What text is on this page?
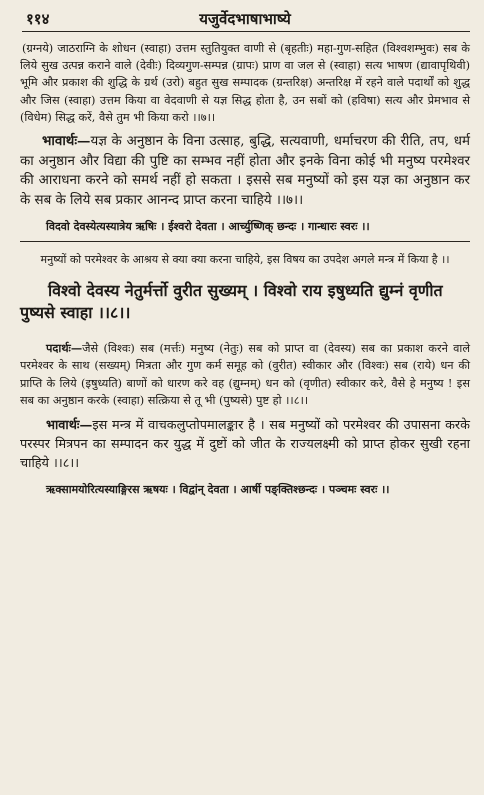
११४	यजुर्वेदभाषाभाष्ये

(ग्रग्नये) जाठराग्नि के शोधन (स्वाहा) उत्तम स्तुतियुक्त वाणी से (बृहतीः) महा-गुण-सहित (विश्‍वशम्भुवः) सब के लिये सुख उत्पन्न कराने वाले (देवीः) दिव्यगुण-सम्पन्न (ग्रापः) प्राण वा जल से (स्वाहा) सत्य भाषण (द्यावापृथिवी) भूमि और प्रकाश की शुद्धि के ग्रर्थ (उरो) बहुत सुख सम्पादक (ग्रन्तरिक्ष) अन्तरिक्ष में रहने वाले पदार्थों को शुद्ध और जिस (स्वाहा) उत्तम किया वा वेदवाणी से यज्ञ सिद्ध होता है, उन सबों को (हविषा) सत्य और प्रेमभाव से (विधेम) सिद्ध करें, वैसे तुम भी किया करो ।।७।।

भावार्थः—यज्ञ के अनुष्ठान के विना उत्साह, बुद्धि, सत्यवाणी, धर्माचरण की रीति, तप, धर्म का अनुष्ठान और विद्या की पुष्टि का सम्भव नहीं होता और इनके विना कोई भी मनुष्य परमेश्‍वर की आराधना करने को समर्थ नहीं हो सकता । इससे सब मनुष्यों को इस यज्ञ का अनुष्ठान कर के सब के लिये सब प्रकार आनन्द प्राप्त करना चाहिये ।।७।।

विदवो देवस्येत्यस्यात्रेय ऋषिः । ईश्‍वरो देवता । आर्च्युष्णिक् छन्दः । गान्धारः स्वरः ।।

मनुष्यों को परमेश्‍वर के आश्रय से क्या क्या करना चाहिये, इस विषय का उपदेश अगले मन्त्र में किया है ।।

विश्‍वो देवस्य नेतुर्मर्त्तो वुरीत सुख्यम् । विश्‍वो राय इषुध्यति द्युम्नं वृणीत पुष्यसे स्वाहा ।।८।।

पदार्थः—जैसे (विश्‍वः) सब (मर्त्तः) मनुष्य (नेतुः) सब को प्राप्त वा (देवस्य) सब का प्रकाश करने वाले परमेश्‍वर के साथ (सख्यम्) मित्रता और गुण कर्म समूह को (वुरीत) स्वीकार और (विश्‍वः) सब (राये) धन की प्राप्ति के लिये (इषुध्यति) बाणों को धारण करे वह (द्युम्नम्) धन को (वृणीत) स्वीकार करे, वैसे हे मनुष्य ! इस सब का अनुष्ठान करके (स्वाहा) सत्क्रिया से तू भी (पुष्यसे) पुष्ट हो ।।८।।

भावार्थः—इस मन्त्र में वाचकलुप्तोपमालङ्कार है । सब मनुष्यों को परमेश्‍वर की उपासना करके परस्पर मित्रपन का सम्पादन कर युद्ध में दुष्टों को जीत के राज्यलक्ष्मी को प्राप्त होकर सुखी रहना चाहिये ।।८।।

ऋक्सामयोरित्यस्याङ्गिरस ऋषयः । विद्वांन् देवता । आर्षी पङ्क्तिश्छन्दः । पञ्चमः स्वरः ।।
